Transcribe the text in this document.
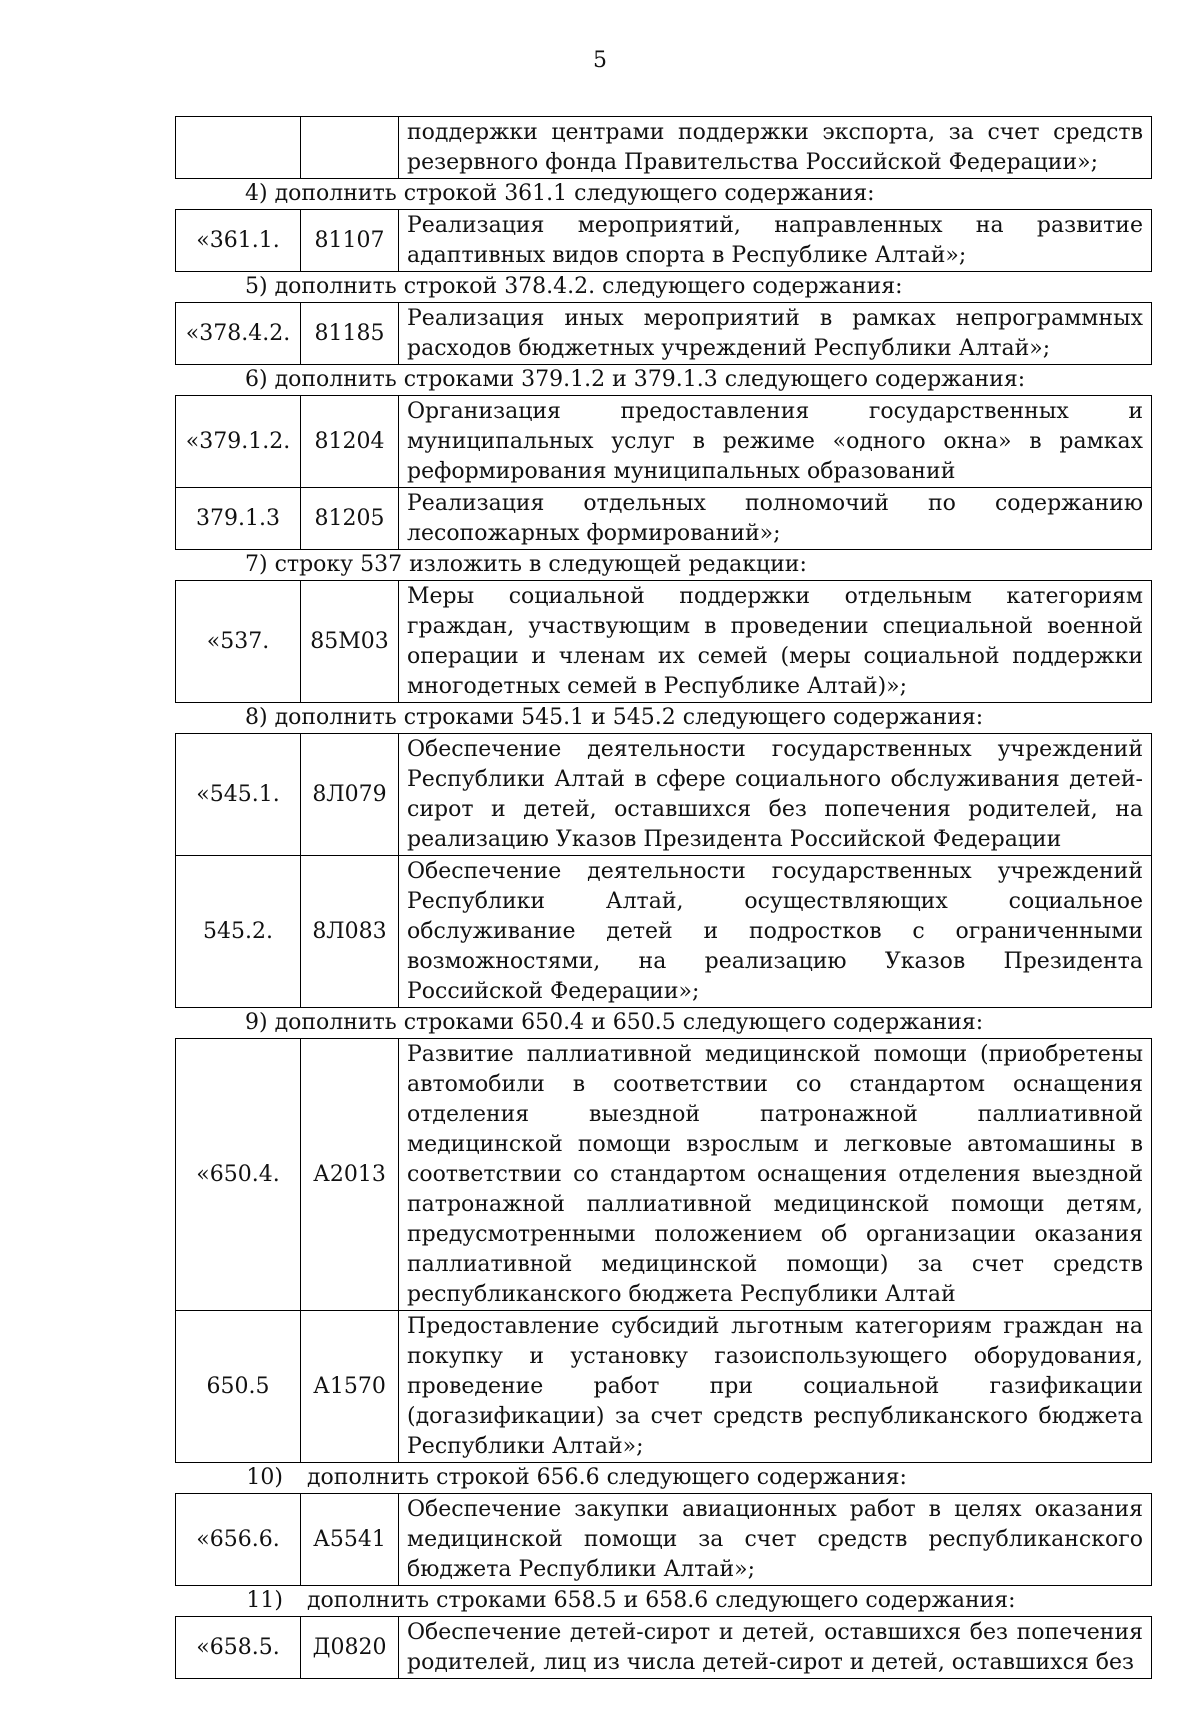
5
		поддержки центрами поддержки экспорта, за счет средств резервного фонда Правительства Российской Федерации»;
4) дополнить строкой 361.1 следующего содержания:
«361.1.	81107	Реализация мероприятий, направленных на развитие адаптивных видов спорта в Республике Алтай»;
5) дополнить строкой 378.4.2. следующего содержания:
«378.4.2.	81185	Реализация иных мероприятий в рамках непрограммных расходов бюджетных учреждений Республики Алтай»;
6) дополнить строками 379.1.2 и 379.1.3 следующего содержания:
«379.1.2.	81204	Организация предоставления государственных и муниципальных услуг в режиме «одного окна» в рамках реформирования муниципальных образований
379.1.3	81205	Реализация отдельных полномочий по содержанию лесопожарных формирований»;
7) строку 537 изложить в следующей редакции:
«537.	85М03	Меры социальной поддержки отдельным категориям граждан, участвующим в проведении специальной военной операции и членам их семей (меры социальной поддержки многодетных семей в Республике Алтай)»;
8) дополнить строками 545.1 и 545.2 следующего содержания:
«545.1.	8Л079	Обеспечение деятельности государственных учреждений Республики Алтай в сфере социального обслуживания детей-сирот и детей, оставшихся без попечения родителей, на реализацию Указов Президента Российской Федерации
545.2.	8Л083	Обеспечение деятельности государственных учреждений Республики Алтай, осуществляющих социальное обслуживание детей и подростков с ограниченными возможностями, на реализацию Указов Президента Российской Федерации»;
9) дополнить строками 650.4 и 650.5 следующего содержания:
«650.4.	А2013	Развитие паллиативной медицинской помощи (приобретены автомобили в соответствии со стандартом оснащения отделения выездной патронажной паллиативной медицинской помощи взрослым и легковые автомашины в соответствии со стандартом оснащения отделения выездной патронажной паллиативной медицинской помощи детям, предусмотренными положением об организации оказания паллиативной медицинской помощи) за счет средств республиканского бюджета Республики Алтай
650.5	А1570	Предоставление субсидий льготным категориям граждан на покупку и установку газоиспользующего оборудования, проведение работ при социальной газификации (догазификации) за счет средств республиканского бюджета Республики Алтай»;
10) дополнить строкой 656.6 следующего содержания:
«656.6.	А5541	Обеспечение закупки авиационных работ в целях оказания медицинской помощи за счет средств республиканского бюджета Республики Алтай»;
11) дополнить строками 658.5 и 658.6 следующего содержания:
«658.5.	Д0820	Обеспечение детей-сирот и детей, оставшихся без попечения родителей, лиц из числа детей-сирот и детей, оставшихся без
